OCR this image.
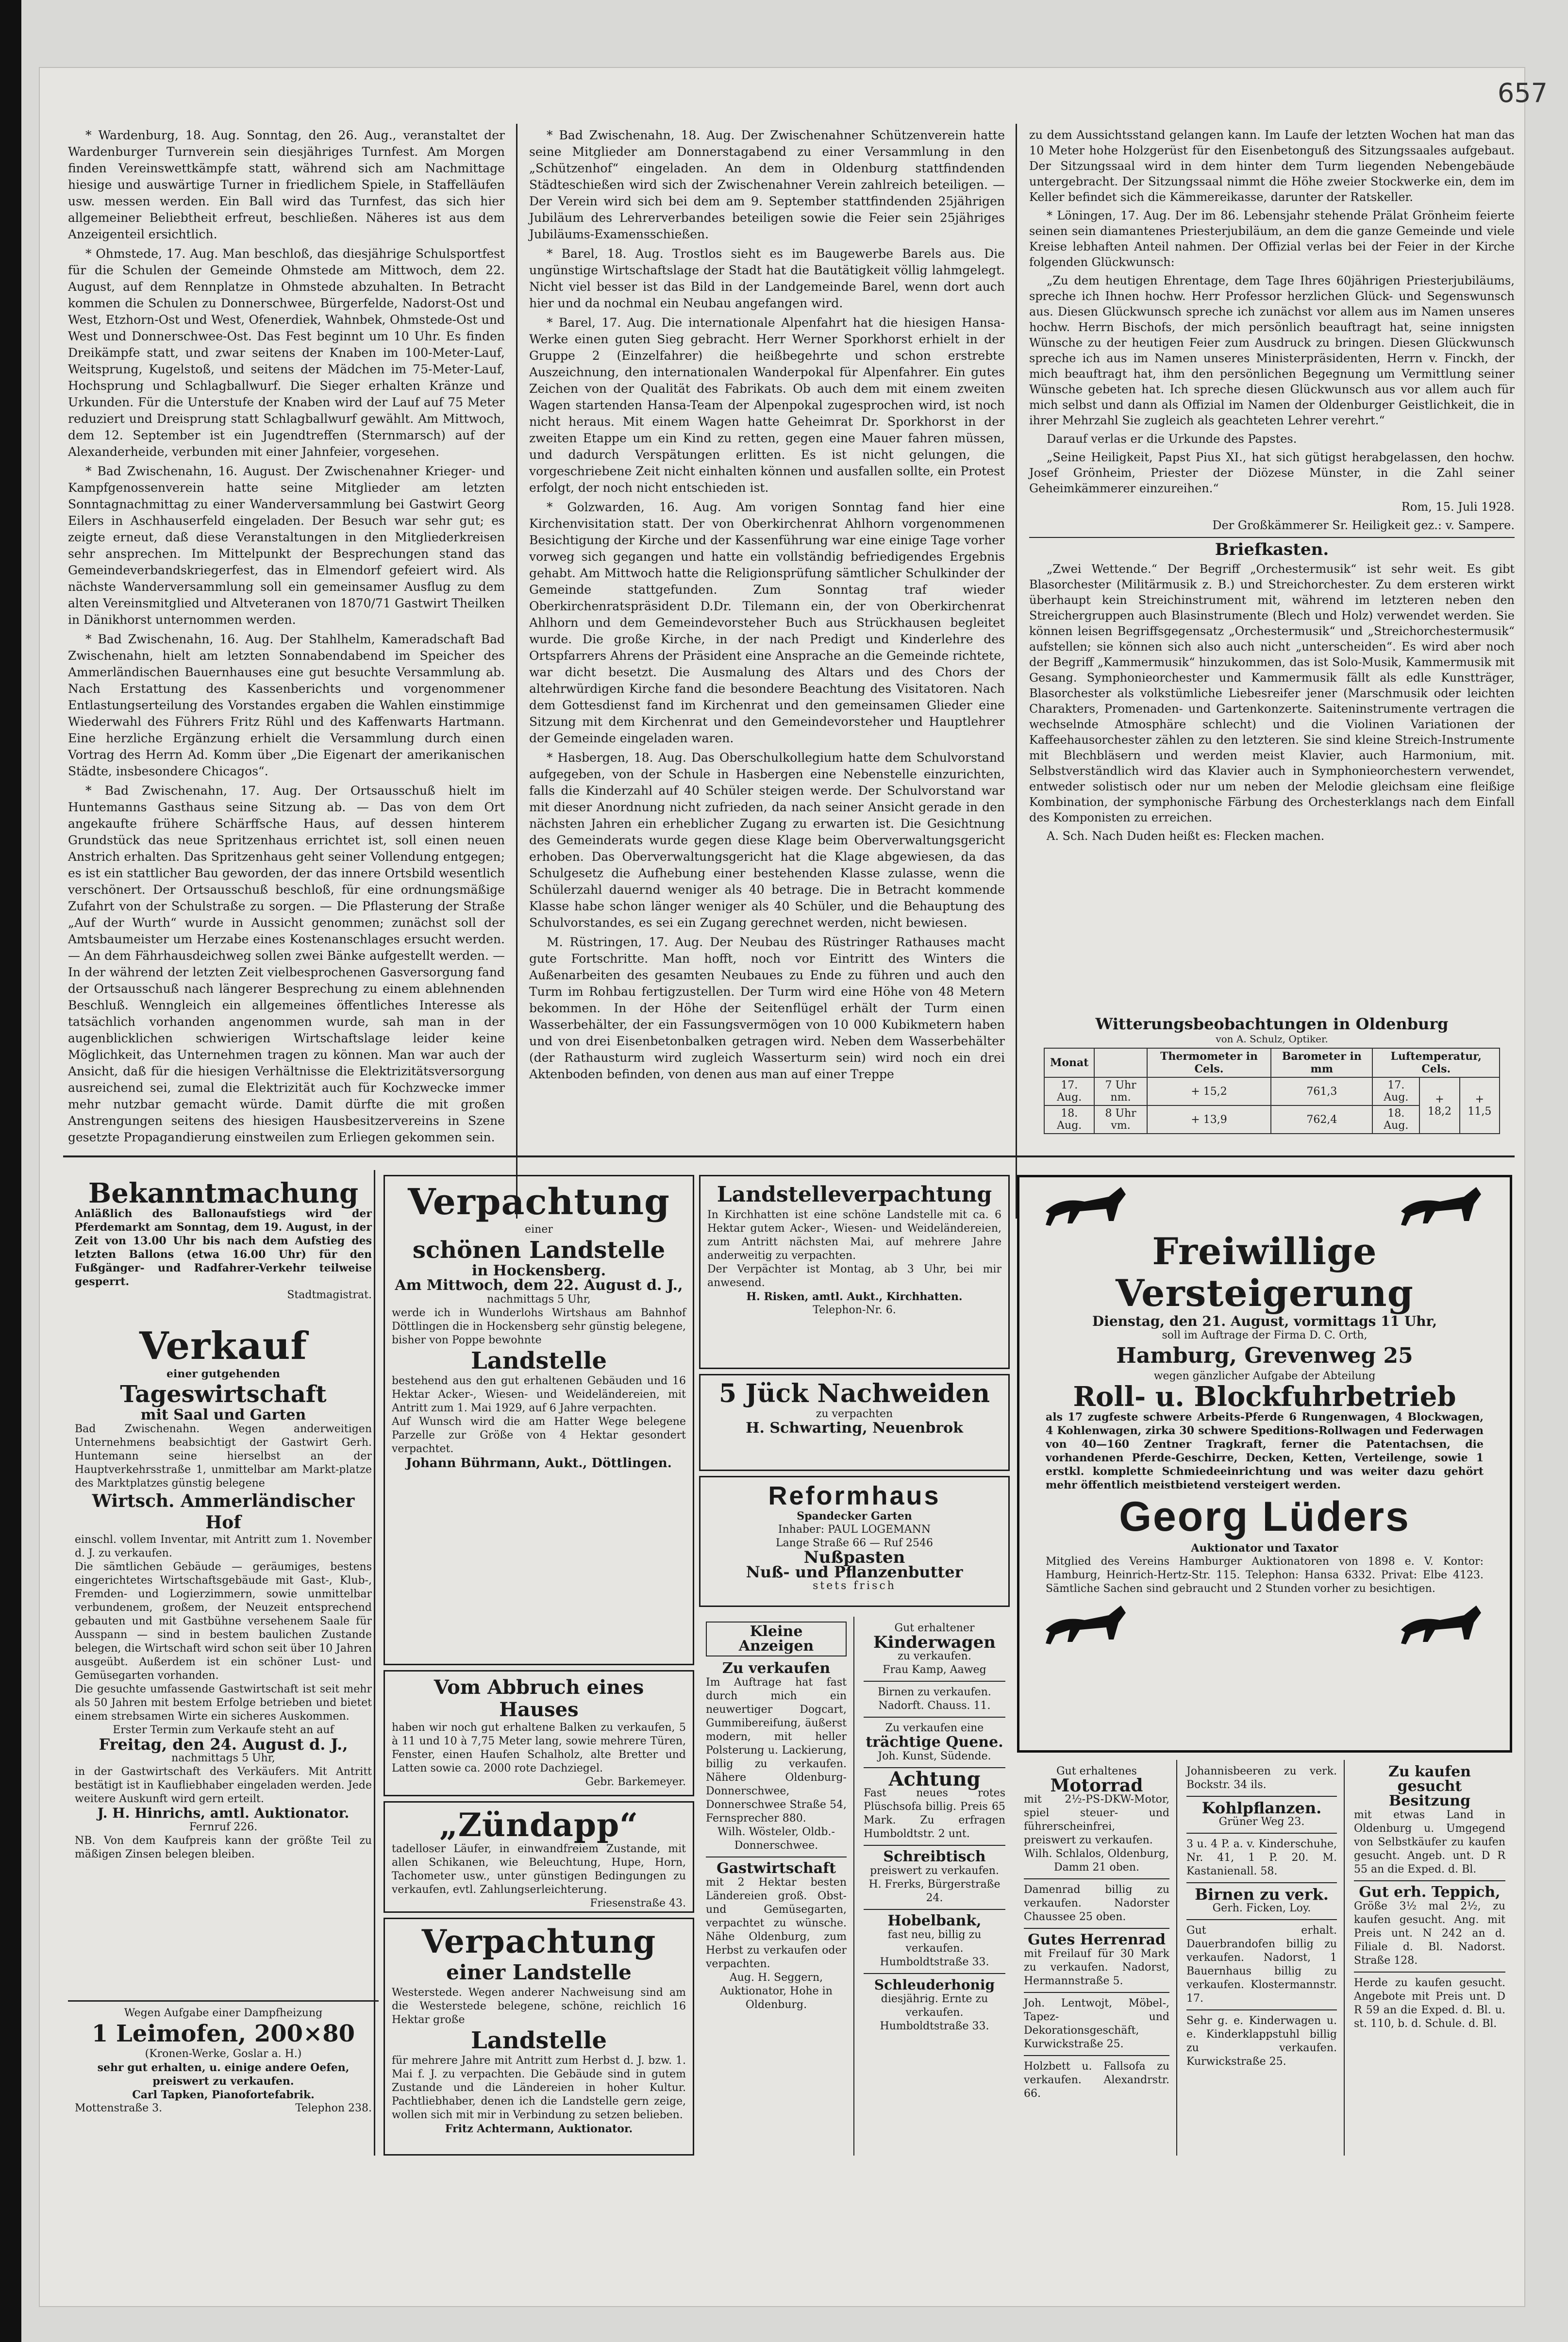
657

* Wardenburg, 18. Aug. Sonntag, den 26. Aug., veranstaltet der Wardenburger Turnverein sein diesjähriges Turnfest. Am Morgen finden Vereinswettkämpfe statt, während sich am Nachmittage hiesige und auswärtige Turner in friedlichem Spiele, in Staffelläufen usw. messen werden. Ein Ball wird das Turnfest, das sich hier allgemeiner Beliebtheit erfreut, beschließen. Näheres ist aus dem Anzeigenteil ersichtlich.

* Ohmstede, 17. Aug. Man beschloß, das diesjährige Schulsportfest für die Schulen der Gemeinde Ohmstede am Mittwoch, dem 22. August, auf dem Rennplatze in Ohmstede abzuhalten. In Betracht kommen die Schulen zu Donnerschwee, Bürgerfelde, Nadorst-Ost und West, Etzhorn-Ost und West, Ofenerdiek, Wahnbek, Ohmstede-Ost und West und Donnerschwee-Ost. Das Fest beginnt um 10 Uhr. Es finden Dreikämpfe statt, und zwar seitens der Knaben im 100-Meter-Lauf, Weitsprung, Kugelstoß, und seitens der Mädchen im 75-Meter-Lauf, Hochsprung und Schlagballwurf. Die Sieger erhalten Kränze und Urkunden. Für die Unterstufe der Knaben wird der Lauf auf 75 Meter reduziert und Dreisprung statt Schlagballwurf gewählt. Am Mittwoch, dem 12. September ist ein Jugendtreffen (Sternmarsch) auf der Alexanderheide, verbunden mit einer Jahnfeier, vorgesehen.

* Bad Zwischenahn, 16. August. Der Zwischenahner Krieger- und Kampfgenossenverein hatte seine Mitglieder am letzten Sonntagnachmittag zu einer Wanderversammlung bei Gastwirt Georg Eilers in Aschhauserfeld eingeladen. Der Besuch war sehr gut; es zeigte erneut, daß diese Veranstaltungen in den Mitgliederkreisen sehr ansprechen. Im Mittelpunkt der Besprechungen stand das Gemeindeverbandskriegerfest, das in Elmendorf gefeiert wird. Als nächste Wanderversammlung soll ein gemeinsamer Ausflug zu dem alten Vereinsmitglied und Altveteranen von 1870/71 Gastwirt Theilken in Dänikhorst unternommen werden.

* Bad Zwischenahn, 16. Aug. Der Stahlhelm, Kameradschaft Bad Zwischenahn, hielt am letzten Sonnabendabend im Speicher des Ammerländischen Bauernhauses eine gut besuchte Versammlung ab. Nach Erstattung des Kassenberichts und vorgenommener Entlastungserteilung des Vorstandes ergaben die Wahlen einstimmige Wiederwahl des Führers Fritz Rühl und des Kaffenwarts Hartmann. Eine herzliche Ergänzung erhielt die Versammlung durch einen Vortrag des Herrn Ad. Komm über „Die Eigenart der amerikanischen Städte, insbesondere Chicagos“.

* Bad Zwischenahn, 17. Aug. Der Ortsausschuß hielt im Huntemanns Gasthaus seine Sitzung ab. — Das von dem Ort angekaufte frühere Schärffsche Haus, auf dessen hinterem Grundstück das neue Spritzenhaus errichtet ist, soll einen neuen Anstrich erhalten. Das Spritzenhaus geht seiner Vollendung entgegen; es ist ein stattlicher Bau geworden, der das innere Ortsbild wesentlich verschönert. Der Ortsausschuß beschloß, für eine ordnungsmäßige Zufahrt von der Schulstraße zu sorgen. — Die Pflasterung der Straße „Auf der Wurth“ wurde in Aussicht genommen; zunächst soll der Amtsbaumeister um Herzabe eines Kostenanschlages ersucht werden. — An dem Fährhausdeichweg sollen zwei Bänke aufgestellt werden. — In der während der letzten Zeit vielbesprochenen Gasversorgung fand der Ortsausschuß nach längerer Besprechung zu einem ablehnenden Beschluß. Wenngleich ein allgemeines öffentliches Interesse als tatsächlich vorhanden angenommen wurde, sah man in der augenblicklichen schwierigen Wirtschaftslage leider keine Möglichkeit, das Unternehmen tragen zu können. Man war auch der Ansicht, daß für die hiesigen Verhältnisse die Elektrizitätsversorgung ausreichend sei, zumal die Elektrizität auch für Kochzwecke immer mehr nutzbar gemacht würde. Damit dürfte die mit großen Anstrengungen seitens des hiesigen Hausbesitzervereins in Szene gesetzte Propagandierung einstweilen zum Erliegen gekommen sein.

* Bad Zwischenahn, 18. Aug. Der Zwischenahner Schützenverein hatte seine Mitglieder am Donnerstagabend zu einer Versammlung in den „Schützenhof“ eingeladen. An dem in Oldenburg stattfindenden Städteschießen wird sich der Zwischenahner Verein zahlreich beteiligen. — Der Verein wird sich bei dem am 9. September stattfindenden 25jährigen Jubiläum des Lehrerverbandes beteiligen sowie die Feier sein 25jähriges Jubiläums-Examensschießen.

* Barel, 18. Aug. Trostlos sieht es im Baugewerbe Barels aus. Die ungünstige Wirtschaftslage der Stadt hat die Bautätigkeit völlig lahmgelegt. Nicht viel besser ist das Bild in der Landgemeinde Barel, wenn dort auch hier und da nochmal ein Neubau angefangen wird.

* Barel, 17. Aug. Die internationale Alpenfahrt hat die hiesigen Hansa-Werke einen guten Sieg gebracht. Herr Werner Sporkhorst erhielt in der Gruppe 2 (Einzelfahrer) die heißbegehrte und schon erstrebte Auszeichnung, den internationalen Wanderpokal für Alpenfahrer. Ein gutes Zeichen von der Qualität des Fabrikats. Ob auch dem mit einem zweiten Wagen startenden Hansa-Team der Alpenpokal zugesprochen wird, ist noch nicht heraus. Mit einem Wagen hatte Geheimrat Dr. Sporkhorst in der zweiten Etappe um ein Kind zu retten, gegen eine Mauer fahren müssen, und dadurch Verspätungen erlitten. Es ist nicht gelungen, die vorgeschriebene Zeit nicht einhalten können und ausfallen sollte, ein Protest erfolgt, der noch nicht entschieden ist.

* Golzwarden, 16. Aug. Am vorigen Sonntag fand hier eine Kirchenvisitation statt. Der von Oberkirchenrat Ahlhorn vorgenommenen Besichtigung der Kirche und der Kassenführung war eine einige Tage vorher vorweg sich gegangen und hatte ein vollständig befriedigendes Ergebnis gehabt. Am Mittwoch hatte die Religionsprüfung sämtlicher Schulkinder der Gemeinde stattgefunden. Zum Sonntag traf wieder Oberkirchenratspräsident D.Dr. Tilemann ein, der von Oberkirchenrat Ahlhorn und dem Gemeindevorsteher Buch aus Strückhausen begleitet wurde. Die große Kirche, in der nach Predigt und Kinderlehre des Ortspfarrers Ahrens der Präsident eine Ansprache an die Gemeinde richtete, war dicht besetzt. Die Ausmalung des Altars und des Chors der altehrwürdigen Kirche fand die besondere Beachtung des Visitatoren. Nach dem Gottesdienst fand im Kirchenrat und den gemeinsamen Glieder eine Sitzung mit dem Kirchenrat und den Gemeindevorsteher und Hauptlehrer der Gemeinde eingeladen waren.

* Hasbergen, 18. Aug. Das Oberschulkollegium hatte dem Schulvorstand aufgegeben, von der Schule in Hasbergen eine Nebenstelle einzurichten, falls die Kinderzahl auf 40 Schüler steigen werde. Der Schulvorstand war mit dieser Anordnung nicht zufrieden, da nach seiner Ansicht gerade in den nächsten Jahren ein erheblicher Zugang zu erwarten ist. Die Gesichtnung des Gemeinderats wurde gegen diese Klage beim Oberverwaltungsgericht erhoben. Das Oberverwaltungsgericht hat die Klage abgewiesen, da das Schulgesetz die Aufhebung einer bestehenden Klasse zulasse, wenn die Schülerzahl dauernd weniger als 40 betrage. Die in Betracht kommende Klasse habe schon länger weniger als 40 Schüler, und die Behauptung des Schulvorstandes, es sei ein Zugang gerechnet werden, nicht bewiesen.

M. Rüstringen, 17. Aug. Der Neubau des Rüstringer Rathauses macht gute Fortschritte. Man hofft, noch vor Eintritt des Winters die Außenarbeiten des gesamten Neubaues zu Ende zu führen und auch den Turm im Rohbau fertigzustellen. Der Turm wird eine Höhe von 48 Metern bekommen. In der Höhe der Seitenflügel erhält der Turm einen Wasserbehälter, der ein Fassungsvermögen von 10 000 Kubikmetern haben und von drei Eisenbetonbalken getragen wird. Neben dem Wasserbehälter (der Rathausturm wird zugleich Wasserturm sein) wird noch ein drei Aktenboden befinden, von denen aus man auf einer Treppe

zu dem Aussichtsstand gelangen kann. Im Laufe der letzten Wochen hat man das 10 Meter hohe Holzgerüst für den Eisenbetonguß des Sitzungssaales aufgebaut. Der Sitzungssaal wird in dem hinter dem Turm liegenden Nebengebäude untergebracht. Der Sitzungssaal nimmt die Höhe zweier Stockwerke ein, dem im Keller befindet sich die Kämmereikasse, darunter der Ratskeller.

* Löningen, 17. Aug. Der im 86. Lebensjahr stehende Prälat Grönheim feierte seinen sein diamantenes Priesterjubiläum, an dem die ganze Gemeinde und viele Kreise lebhaften Anteil nahmen. Der Offizial verlas bei der Feier in der Kirche folgenden Glückwunsch:

„Zu dem heutigen Ehrentage, dem Tage Ihres 60jährigen Priesterjubiläums, spreche ich Ihnen hochw. Herr Professor herzlichen Glück- und Segenswunsch aus. Diesen Glückwunsch spreche ich zunächst vor allem aus im Namen unseres hochw. Herrn Bischofs, der mich persönlich beauftragt hat, seine innigsten Wünsche zu der heutigen Feier zum Ausdruck zu bringen. Diesen Glückwunsch spreche ich aus im Namen unseres Ministerpräsidenten, Herrn v. Finckh, der mich beauftragt hat, ihm den persönlichen Begegnung um Vermittlung seiner Wünsche gebeten hat. Ich spreche diesen Glückwunsch aus vor allem auch für mich selbst und dann als Offizial im Namen der Oldenburger Geistlichkeit, die in ihrer Mehrzahl Sie zugleich als geachteten Lehrer verehrt.“

Darauf verlas er die Urkunde des Papstes.

„Seine Heiligkeit, Papst Pius XI., hat sich gütigst herabgelassen, den hochw. Josef Grönheim, Priester der Diözese Münster, in die Zahl seiner Geheimkämmerer einzureihen.“

Rom, 15. Juli 1928.
Der Großkämmerer Sr. Heiligkeit gez.: v. Sampere.
Briefkasten.

„Zwei Wettende.“ Der Begriff „Orchestermusik“ ist sehr weit. Es gibt Blasorchester (Militärmusik z. B.) und Streichorchester. Zu dem ersteren wirkt überhaupt kein Streichinstrument mit, während im letzteren neben den Streichergruppen auch Blasinstrumente (Blech und Holz) verwendet werden. Sie können leisen Begriffsgegensatz „Orchestermusik“ und „Streichorchestermusik“ aufstellen; sie können sich also auch nicht „unterscheiden“. Es wird aber noch der Begriff „Kammermusik“ hinzukommen, das ist Solo-Musik, Kammermusik mit Gesang. Symphonieorchester und Kammermusik fällt als edle Kunstträger, Blasorchester als volkstümliche Liebesreifer jener (Marschmusik oder leichten Charakters, Promenaden- und Gartenkonzerte. Saiteninstrumente vertragen die wechselnde Atmosphäre schlecht) und die Violinen Variationen der Kaffeehausorchester zählen zu den letzteren. Sie sind kleine Streich-Instrumente mit Blechbläsern und werden meist Klavier, auch Harmonium, mit. Selbstverständlich wird das Klavier auch in Symphonieorchestern verwendet, entweder solistisch oder nur um neben der Melodie gleichsam eine fleißige Kombination, der symphonische Färbung des Orchesterklangs nach dem Einfall des Komponisten zu erreichen.

A. Sch. Nach Duden heißt es: Flecken machen.

Witterungsbeobachtungen in Oldenburg
von A. Schulz, Optiker.
Monat		Thermometer in Cels.	Barometer in mm	Luftemperatur, Cels.		
17. Aug.	7 Uhr nm.	+ 15,2	761,3	17. Aug.	+ 18,2	+ 11,5
18. Aug.	8 Uhr vm.	+ 13,9	762,4	18. Aug.		
Bekanntmachung
Anläßlich des Ballonaufstiegs wird der Pferdemarkt am Sonntag, dem 19. August, in der Zeit von 13.00 Uhr bis nach dem Aufstieg des letzten Ballons (etwa 16.00 Uhr) für den Fußgänger- und Radfahrer-Verkehr teilweise gesperrt.
Stadtmagistrat.
Verkauf
einer gutgehenden
Tageswirtschaft
mit Saal und Garten
Bad Zwischenahn. Wegen anderweitigen Unternehmens beabsichtigt der Gastwirt Gerh. Huntemann seine hierselbst an der Hauptverkehrsstraße 1, unmittelbar am Markt-platze des Marktplatzes günstig belegene
Wirtsch. Ammerländischer Hof
einschl. vollem Inventar, mit Antritt zum 1. November d. J. zu verkaufen.
Die sämtlichen Gebäude — geräumiges, bestens eingerichtetes Wirtschaftsgebäude mit Gast-, Klub-, Fremden- und Logierzimmern, sowie unmittelbar verbundenem, großem, der Neuzeit entsprechend gebauten und mit Gastbühne versehenem Saale für Ausspann — sind in bestem baulichen Zustande belegen, die Wirtschaft wird schon seit über 10 Jahren ausgeübt. Außerdem ist ein schöner Lust- und Gemüsegarten vorhanden.
Die gesuchte umfassende Gastwirtschaft ist seit mehr als 50 Jahren mit bestem Erfolge betrieben und bietet einem strebsamen Wirte ein sicheres Auskommen.
Erster Termin zum Verkaufe steht an auf
Freitag, den 24. August d. J.,
nachmittags 5 Uhr,
in der Gastwirtschaft des Verkäufers. Mit Antritt bestätigt ist in Kaufliebhaber eingeladen werden. Jede weitere Auskunft wird gern erteilt.
J. H. Hinrichs, amtl. Auktionator.
Fernruf 226.
NB. Von dem Kaufpreis kann der größte Teil zu mäßigen Zinsen belegen bleiben.
Wegen Aufgabe einer Dampfheizung
1 Leimofen, 200×80
(Kronen-Werke, Goslar a. H.)
sehr gut erhalten, u. einige andere Oefen, preiswert zu verkaufen.
Carl Tapken, Pianofortefabrik.
Mottenstraße 3.	Telephon 238.
Verpachtung
einer
schönen Landstelle
in Hockensberg.
Am Mittwoch, dem 22. August d. J.,
nachmittags 5 Uhr,
werde ich in Wunderlohs Wirtshaus am Bahnhof Döttlingen die in Hockensberg sehr günstig belegene, bisher von Poppe bewohnte
Landstelle
bestehend aus den gut erhaltenen Gebäuden und 16 Hektar Acker-, Wiesen- und Weideländereien, mit Antritt zum 1. Mai 1929, auf 6 Jahre verpachten.
Auf Wunsch wird die am Hatter Wege belegene Parzelle zur Größe von 4 Hektar gesondert verpachtet.
Johann Bührmann, Aukt., Döttlingen.
Vom Abbruch eines Hauses
haben wir noch gut erhaltene Balken zu verkaufen, 5 à 11 und 10 à 7,75 Meter lang, sowie mehrere Türen, Fenster, einen Haufen Schalholz, alte Bretter und Latten sowie ca. 2000 rote Dachziegel.
Gebr. Barkemeyer.
„Zündapp“
tadelloser Läufer, in einwandfreiem Zustande, mit allen Schikanen, wie Beleuchtung, Hupe, Horn, Tachometer usw., unter günstigen Bedingungen zu verkaufen, evtl. Zahlungserleichterung.
Friesenstraße 43.
Verpachtung
einer Landstelle
Westerstede. Wegen anderer Nachweisung sind am die Westerstede belegene, schöne, reichlich 16 Hektar große
Landstelle
für mehrere Jahre mit Antritt zum Herbst d. J. bzw. 1. Mai f. J. zu verpachten. Die Gebäude sind in gutem Zustande und die Ländereien in hoher Kultur. Pachtliebhaber, denen ich die Landstelle gern zeige, wollen sich mit mir in Verbindung zu setzen belieben.
Fritz Achtermann, Auktionator.
Landstelleverpachtung
In Kirchhatten ist eine schöne Landstelle mit ca. 6 Hektar gutem Acker-, Wiesen- und Weideländereien, zum Antritt nächsten Mai, auf mehrere Jahre anderweitig zu verpachten.
Der Verpächter ist Montag, ab 3 Uhr, bei mir anwesend.
H. Risken, amtl. Aukt., Kirchhatten.
Telephon-Nr. 6.
5 Jück Nachweiden
zu verpachten
H. Schwarting, Neuenbrok
Reformhaus
Spandecker Garten
Inhaber: PAUL LOGEMANN
Lange Straße 66 — Ruf 2546
Nußpasten
Nuß- und Pflanzenbutter
stets frisch
Kleine Anzeigen
Zu verkaufen
Im Auftrage hat fast durch mich ein neuwertiger Dogcart, Gummibereifung, äußerst modern, mit heller Polsterung u. Lackierung, billig zu verkaufen. Nähere Oldenburg-Donnerschwee, Donnerschwee Straße 54, Fernsprecher 880.
Wilh. Wösteler, Oldb.-Donnerschwee.
Gastwirtschaft
mit 2 Hektar besten Ländereien groß. Obst- und Gemüsegarten, verpachtet zu wünsche. Nähe Oldenburg, zum Herbst zu verkaufen oder verpachten.
Aug. H. Seggern, Auktionator, Hohe in Oldenburg.
Gut erhaltener
Kinderwagen
zu verkaufen.
Frau Kamp, Aaweg
Birnen zu verkaufen. Nadorft. Chauss. 11.
Zu verkaufen eine
trächtige Quene.
Joh. Kunst, Südende.
Achtung
Fast neues rotes Plüschsofa billig. Preis 65 Mark. Zu erfragen Humboldtstr. 2 unt.
Schreibtisch
preiswert zu verkaufen.
H. Frerks, Bürgerstraße 24.
Hobelbank,
fast neu, billig zu verkaufen.
Humboldtstraße 33.
Schleuderhonig
diesjährig. Ernte zu verkaufen.
Humboldtstraße 33.
Freiwillige Versteigerung
Dienstag, den 21. August, vormittags 11 Uhr,
soll im Auftrage der Firma D. C. Orth,
Hamburg, Grevenweg 25
wegen gänzlicher Aufgabe der Abteilung
Roll- u. Blockfuhrbetrieb
als 17 zugfeste schwere Arbeits-Pferde 6 Rungenwagen, 4 Blockwagen, 4 Kohlenwagen, zirka 30 schwere Speditions-Rollwagen und Federwagen von 40—160 Zentner Tragkraft, ferner die Patentachsen, die vorhandenen Pferde-Geschirre, Decken, Ketten, Verteilenge, sowie 1 erstkl. komplette Schmiedeeinrichtung und was weiter dazu gehört mehr öffentlich meistbietend versteigert werden.
Georg Lüders
Auktionator und Taxator
Mitglied des Vereins Hamburger Auktionatoren von 1898 e. V. Kontor: Hamburg, Heinrich-Hertz-Str. 115. Telephon: Hansa 6332. Privat: Elbe 4123. Sämtliche Sachen sind gebraucht und 2 Stunden vorher zu besichtigen.
Gut erhaltenes
Motorrad
mit 2½-PS-DKW-Motor, spiel steuer- und führerscheinfrei, preiswert zu verkaufen.
Wilh. Schlalos, Oldenburg, Damm 21 oben.
Damenrad billig zu verkaufen. Nadorster Chaussee 25 oben.
Gutes Herrenrad
mit Freilauf für 30 Mark zu verkaufen. Nadorst, Hermannstraße 5.
Joh. Lentwojt, Möbel-, Tapez- und Dekorationsgeschäft, Kurwickstraße 25.
Holzbett u. Fallsofa zu verkaufen. Alexandrstr. 66.
Johannisbeeren zu verk. Bockstr. 34 ils.
Kohlpflanzen.
Grüner Weg 23.
3 u. 4 P. a. v. Kinderschuhe, Nr. 41, 1 P. 20. M. Kastanienall. 58.
Birnen zu verk.
Gerh. Ficken, Loy.
Gut erhalt. Dauerbrandofen billig zu verkaufen. Nadorst, 1 Bauernhaus billig zu verkaufen. Klostermannstr. 17.
Sehr g. e. Kinderwagen u. e. Kinderklappstuhl billig zu verkaufen. Kurwickstraße 25.
Zu kaufen gesucht
Besitzung
mit etwas Land in Oldenburg u. Umgegend von Selbstkäufer zu kaufen gesucht. Angeb. unt. D R 55 an die Exped. d. Bl.
Gut erh. Teppich,
Größe 3½ mal 2½, zu kaufen gesucht. Ang. mit Preis unt. N 242 an d. Filiale d. Bl. Nadorst. Straße 128.
Herde zu kaufen gesucht. Angebote mit Preis unt. D R 59 an die Exped. d. Bl. u. st. 110, b. d. Schule. d. Bl.
